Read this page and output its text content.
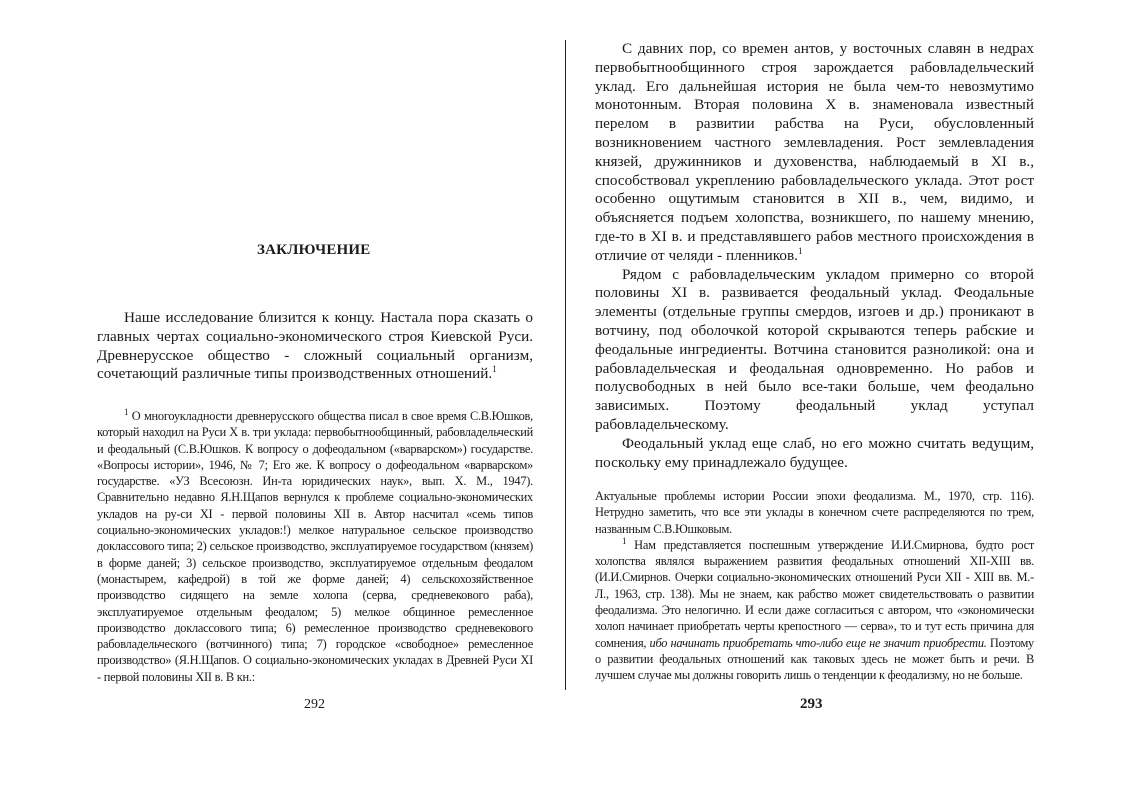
ЗАКЛЮЧЕНИЕ

Наше исследование близится к концу. Настала пора сказать о главных чертах социально-экономического строя Киевской Руси. Древнерусское общество - сложный социальный организм, сочетающий различные типы производственных отношений.$^1$

$^1$ О многоукладности древнерусского общества писал в свое время С.В.Юшков, который находил на Руси X в. три уклада: первобытнообщинный, рабовладельческий и феодальный (С.В.Юшков. К вопросу о дофеодальном («варварском») государстве. «Вопросы истории», 1946, № 7; Его же. К вопросу о дофеодальном «варварском» государстве. «УЗ Всесоюзн. Ин-та юридических наук», вып. X. М., 1947). Сравнительно недавно Я.Н.Щапов вернулся к проблеме социально-экономических укладов на ру-си XI - первой половины XII в. Автор насчитал «семь типов социально-экономических укладов:!) мелкое натуральное сельское производство доклассового типа; 2) сельское производство, эксплуатируемое государством (князем) в форме даней; 3) сельское производство, эксплуатируемое отдельным феодалом (монастырем, кафедрой) в той же форме даней; 4) сельскохозяйственное производство сидящего на земле холопа (серва, средневекового раба), эксплуатируемое отдельным феодалом; 5) мелкое общинное ремесленное производство доклассового типа; 6) ремесленное производство средневекового рабовладельческого (вотчинного) типа; 7) городское «свободное» ремесленное производство» (Я.Н.Щапов. О социально-экономических укладах в Древней Руси XI - первой половины XII в. В кн.:

292

С давних пор, со времен антов, у восточных славян в недрах первобытнообщинного строя зарождается рабовладельческий уклад. Его дальнейшая история не была чем-то невозмутимо монотонным. Вторая половина X в. знаменовала известный перелом в развитии рабства на Руси, обусловленный возникновением частного землевладения. Рост землевладения князей, дружинников и духовенства, наблюдаемый в XI в., способствовал укреплению рабовладельческого уклада. Этот рост особенно ощутимым становится в XII в., чем, видимо, и объясняется подъем холопства, возникшего, по нашему мнению, где-то в XI в. и представлявшего рабов местного происхождения в отличие от челяди - пленников.$^1$

Рядом с рабовладельческим укладом примерно со второй половины XI в. развивается феодальный уклад. Феодальные элементы (отдельные группы смердов, изгоев и др.) проникают в вотчину, под оболочкой которой скрываются теперь рабские и феодальные ингредиенты. Вотчина становится разноликой: она и рабовладельческая и феодальная одновременно. Но рабов и полусвободных в ней было все-таки больше, чем феодально зависимых. Поэтому феодальный уклад уступал рабовладельческому.

Феодальный уклад еще слаб, но его можно считать ведущим, поскольку ему принадлежало будущее.

Актуальные проблемы истории России эпохи феодализма. М., 1970, стр. 116). Нетрудно заметить, что все эти уклады в конечном счете распределяются по трем, названным С.В.Юшковым.

$^1$ Нам представляется поспешным утверждение И.И.Смирнова, будто рост холопства являлся выражением развития феодальных отношений XII-XIII вв. (И.И.Смирнов. Очерки социально-экономических отношений Руси XII - XIII вв. М.-Л., 1963, стр. 138). Мы не знаем, как рабство может свидетельствовать о развитии феодализма. Это нелогично. И если даже согласиться с автором, что «экономически холоп начинает приобретать черты крепостного — серва», то и тут есть причина для сомнения, ибо начинать приобретать что-либо еще не значит приобрести. Поэтому о развитии феодальных отношений как таковых здесь не может быть и речи. В лучшем случае мы должны говорить лишь о тенденции к феодализму, но не больше.

293
